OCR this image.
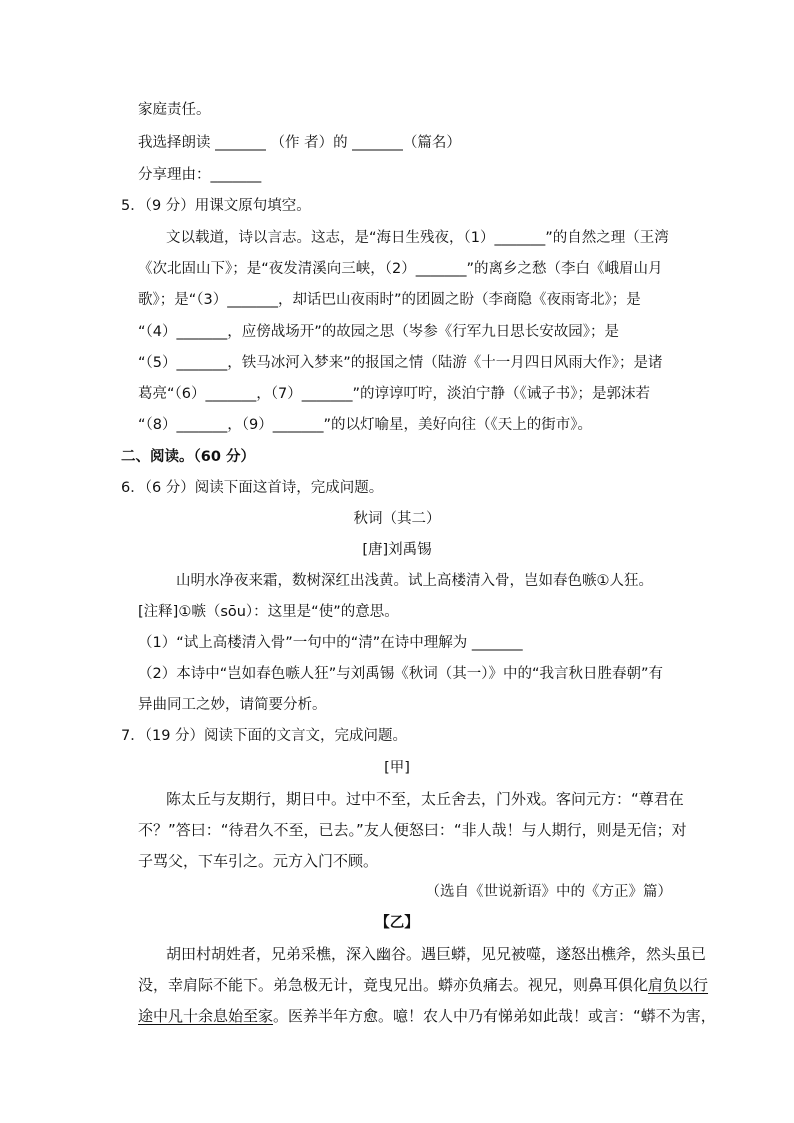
家庭责任。
我选择朗读 _______ （作 者）的 _______（篇名）
分享理由：_______
5．（9 分）用课文原句填空。
文以载道，诗以言志。这志，是“海日生残夜，（1）_______”的自然之理（王湾
《次北固山下》；是“夜发清溪向三峡，（2）_______”的离乡之愁（李白《峨眉山月
歌》；是“（3）_______，却话巴山夜雨时”的团圆之盼（李商隐《夜雨寄北》；是
“（4）_______，应傍战场开”的故园之思（岑参《行军九日思长安故园》；是
“（5）_______，铁马冰河入梦来”的报国之情（陆游《十一月四日风雨大作》；是诸
葛亮“（6）_______，（7）_______”的谆谆叮咛，淡泊宁静（《诫子书》；是郭沫若
“（8）_______，（9）_______”的以灯喻星，美好向往（《天上的街市》。
二、阅读。（60 分）
6．（6 分）阅读下面这首诗，完成问题。
秋词（其二）
[唐]刘禹锡
山明水净夜来霜，数树深红出浅黄。试上高楼清入骨，岂如春色嗾①人狂。
[注释]①嗾（sōu）：这里是“使”的意思。
（1）“试上高楼清入骨”一句中的“清”在诗中理解为 _______
（2）本诗中“岂如春色嗾人狂”与刘禹锡《秋词（其一）》中的“我言秋日胜春朝”有
异曲同工之妙，请简要分析。
7．（19 分）阅读下面的文言文，完成问题。
[甲]
陈太丘与友期行，期日中。过中不至，太丘舍去，门外戏。客问元方：“尊君在
不？”答曰：“待君久不至，已去。”友人便怒曰：“非人哉！与人期行，则是无信；对
子骂父，下车引之。元方入门不顾。
（选自《世说新语》中的《方正》篇）
【乙】
胡田村胡姓者，兄弟采樵，深入幽谷。遇巨蟒，见兄被噬，遂怒出樵斧，然头虽已
没，幸肩际不能下。弟急极无计，竟曳兄出。蟒亦负痛去。视兄，则鼻耳俱化肩负以行
途中凡十余息始至家。医养半年方愈。噫！农人中乃有悌弟如此哉！或言：“蟒不为害，
